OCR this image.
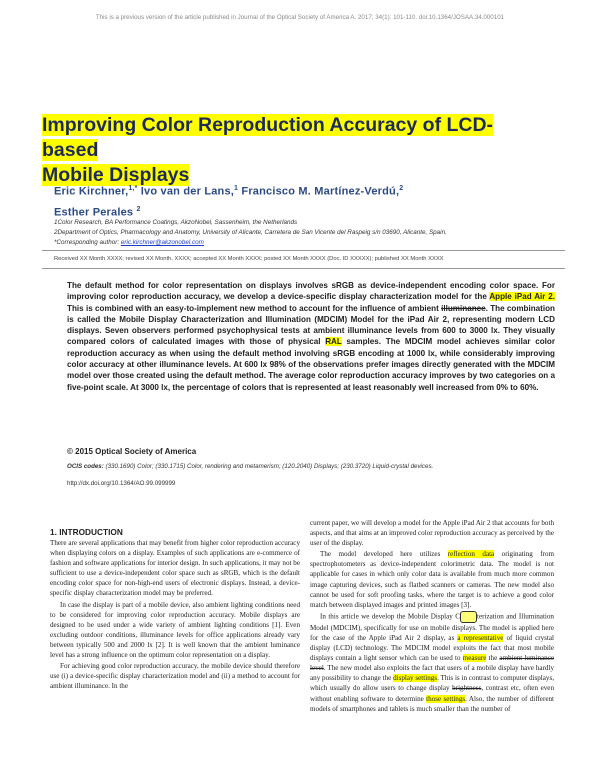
This is a previous version of the article published in Journal of the Optical Society of America A. 2017; 34(1): 101-110. doi:10.1364/JOSAA.34.000101
Improving Color Reproduction Accuracy of LCD-based
Mobile Displays
Eric Kirchner,$^{1,*}$ Ivo van der Lans,$^1$ Francisco M. Martínez-Verdú,$^2$
Esther Perales $^2$
1Color Research, BA Performance Coatings, AkzoNobel, Sassenheim, the Netherlands
2Department of Optics, Pharmacology and Anatomy, University of Alicante, Carretera de San Vicente del Raspeig s/n 03690, Alicante, Spain.
*Corresponding author: eric.kirchner@akzonobel.com
Received XX Month XXXX; revised XX Month, XXXX; accepted XX Month XXXX; posted XX Month XXXX (Doc. ID XXXXX); published XX Month XXXX
The default method for color representation on displays involves sRGB as device-independent encoding color space. For improving color reproduction accuracy, we develop a device-specific display characterization model for the Apple iPad Air 2. This is combined with an easy-to-implement new method to account for the influence of ambient illuminance. The combination is called the Mobile Display Characterization and Illumination (MDCIM) Model for the iPad Air 2, representing modern LCD displays. Seven observers performed psychophysical tests at ambient illuminance levels from 600 to 3000 lx. They visually compared colors of calculated images with those of physical RAL samples. The MDCIM model achieves similar color reproduction accuracy as when using the default method involving sRGB encoding at 1000 lx, while considerably improving color accuracy at other illuminance levels. At 600 lx 98% of the observations prefer images directly generated with the MDCIM model over those created using the default method. The average color reproduction accuracy improves by two categories on a five-point scale. At 3000 lx, the percentage of colors that is represented at least reasonably well increased from 0% to 60%.
© 2015 Optical Society of America
OCIS codes: (330.1690) Color; (330.1715) Color, rendering and metamerism; (120.2040) Displays; (230.3720) Liquid-crystal devices.
http://dx.doi.org/10.1364/AO.99.099999
1. INTRODUCTION

There are several applications that may benefit from higher color reproduction accuracy when displaying colors on a display. Examples of such applications are e-commerce of fashion and software applications for interior design. In such applications, it may not be sufficient to use a device-independent color space such as sRGB, which is the default encoding color space for non-high-end users of electronic displays. Instead, a device-specific display characterization model may be preferred.

In case the display is part of a mobile device, also ambient lighting conditions need to be considered for improving color reproduction accuracy. Mobile displays are designed to be used under a wide variety of ambient lighting conditions [1]. Even excluding outdoor conditions, illuminance levels for office applications already vary between typically 500 and 2000 lx [2]. It is well known that the ambient luminance level has a strong influence on the optimum color representation on a display.

For achieving good color reproduction accuracy, the mobile device should therefore use (i) a device-specific display characterization model and (ii) a method to account for ambient illuminance. In the

current paper, we will develop a model for the Apple iPad Air 2 that accounts for both aspects, and that aims at an improved color reproduction accuracy as perceived by the user of the display.

The model developed here utilizes reflection data originating from spectrophotometers as device-independent colorimetric data. The model is not applicable for cases in which only color data is available from much more common image capturing devices, such as flatbed scanners or cameras. The new model also cannot be used for soft proofing tasks, where the target is to achieve a good color match between displayed images and printed images [3].

In this article we develop the Mobile Display C terization and Illumination Model (MDCIM), specifically for use on mobile displays. The model is applied here for the case of the Apple iPad Air 2 display, as a representative of liquid crystal display (LCD) technology. The MDCIM model exploits the fact that most mobile displays contain a light sensor which can be used to measure the ambient luminance level. The new model also exploits the fact that users of a mobile display have hardly any possibility to change the display settings. This is in contrast to computer displays, which usually do allow users to change display brightness, contrast etc, often even without enabling software to determine those settings. Also, the number of different models of smartphones and tablets is much smaller than the number of
